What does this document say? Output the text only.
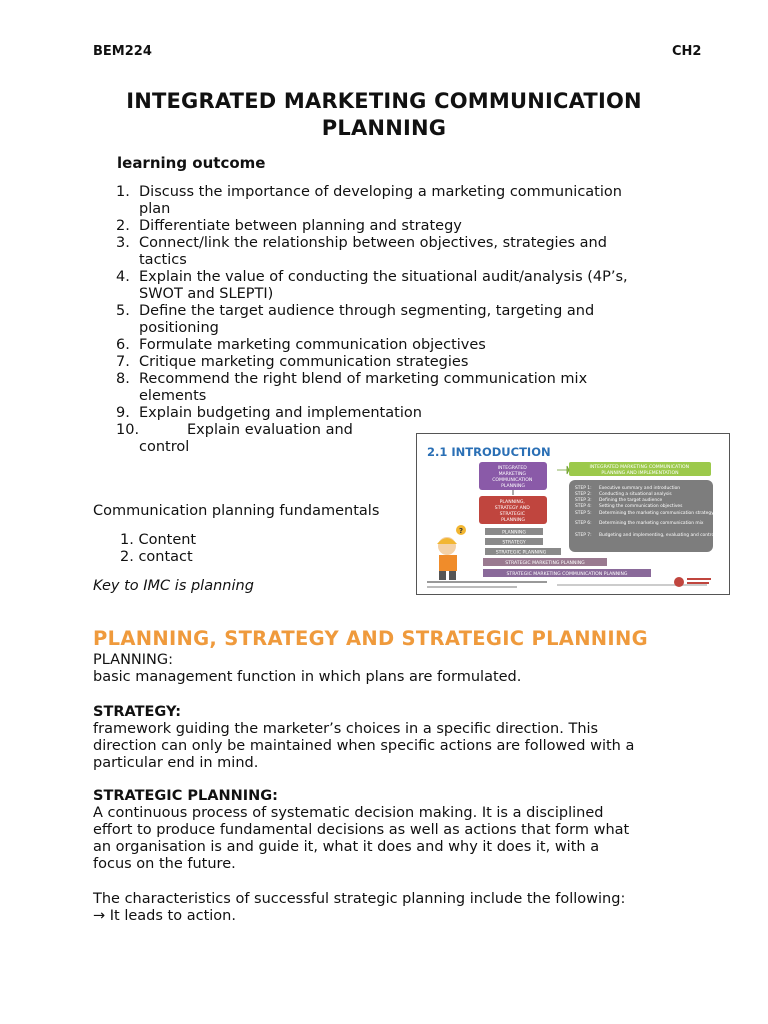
BEM224	CH2
INTEGRATED MARKETING COMMUNICATION
PLANNING
learning outcome
1. Discuss the importance of developing a marketing communication
plan
2. Differentiate between planning and strategy
3. Connect/link the relationship between objectives, strategies and
tactics
4. Explain the value of conducting the situational audit/analysis (4P’s,
SWOT and SLEPTI)
5. Define the target audience through segmenting, targeting and
positioning
6. Formulate marketing communication objectives
7. Critique marketing communication strategies
8. Recommend the right blend of marketing communication mix
elements
9. Explain budgeting and implementation
10.	Explain evaluation and
control
Communication planning fundamentals
1. Content
2. contact
Key to IMC is planning
2.1 INTRODUCTION
INTEGRATED MARKETING COMMUNICATION PLANNING
PLANNING, STRATEGY AND STRATEGIC PLANNING
PLANNING
STRATEGY
STRATEGIC PLANNING
STRATEGIC MARKETING PLANNING
STRATEGIC MARKETING COMMUNICATION PLANNING
?
INTEGRATED MARKETING COMMUNICATION PLANNING AND IMPLEMENTATION
STEP 1: Executive summary and introduction STEP 2: Conducting a situational analysis STEP 3: Defining the target audience STEP 4: Setting the communication objectives STEP 5: Determining the marketing communication strategy STEP 6: Determining the marketing communication mix STEP 7: Budgeting and implementing, evaluating and controlling
PLANNING, STRATEGY AND STRATEGIC PLANNING
PLANNING:
basic management function in which plans are formulated.
STRATEGY:
framework guiding the marketer’s choices in a specific direction. This
direction can only be maintained when specific actions are followed with a
particular end in mind.
STRATEGIC PLANNING:
A continuous process of systematic decision making. It is a disciplined
effort to produce fundamental decisions as well as actions that form what
an organisation is and guide it, what it does and why it does it, with a
focus on the future.
The characteristics of successful strategic planning include the following:
→ It leads to action.
